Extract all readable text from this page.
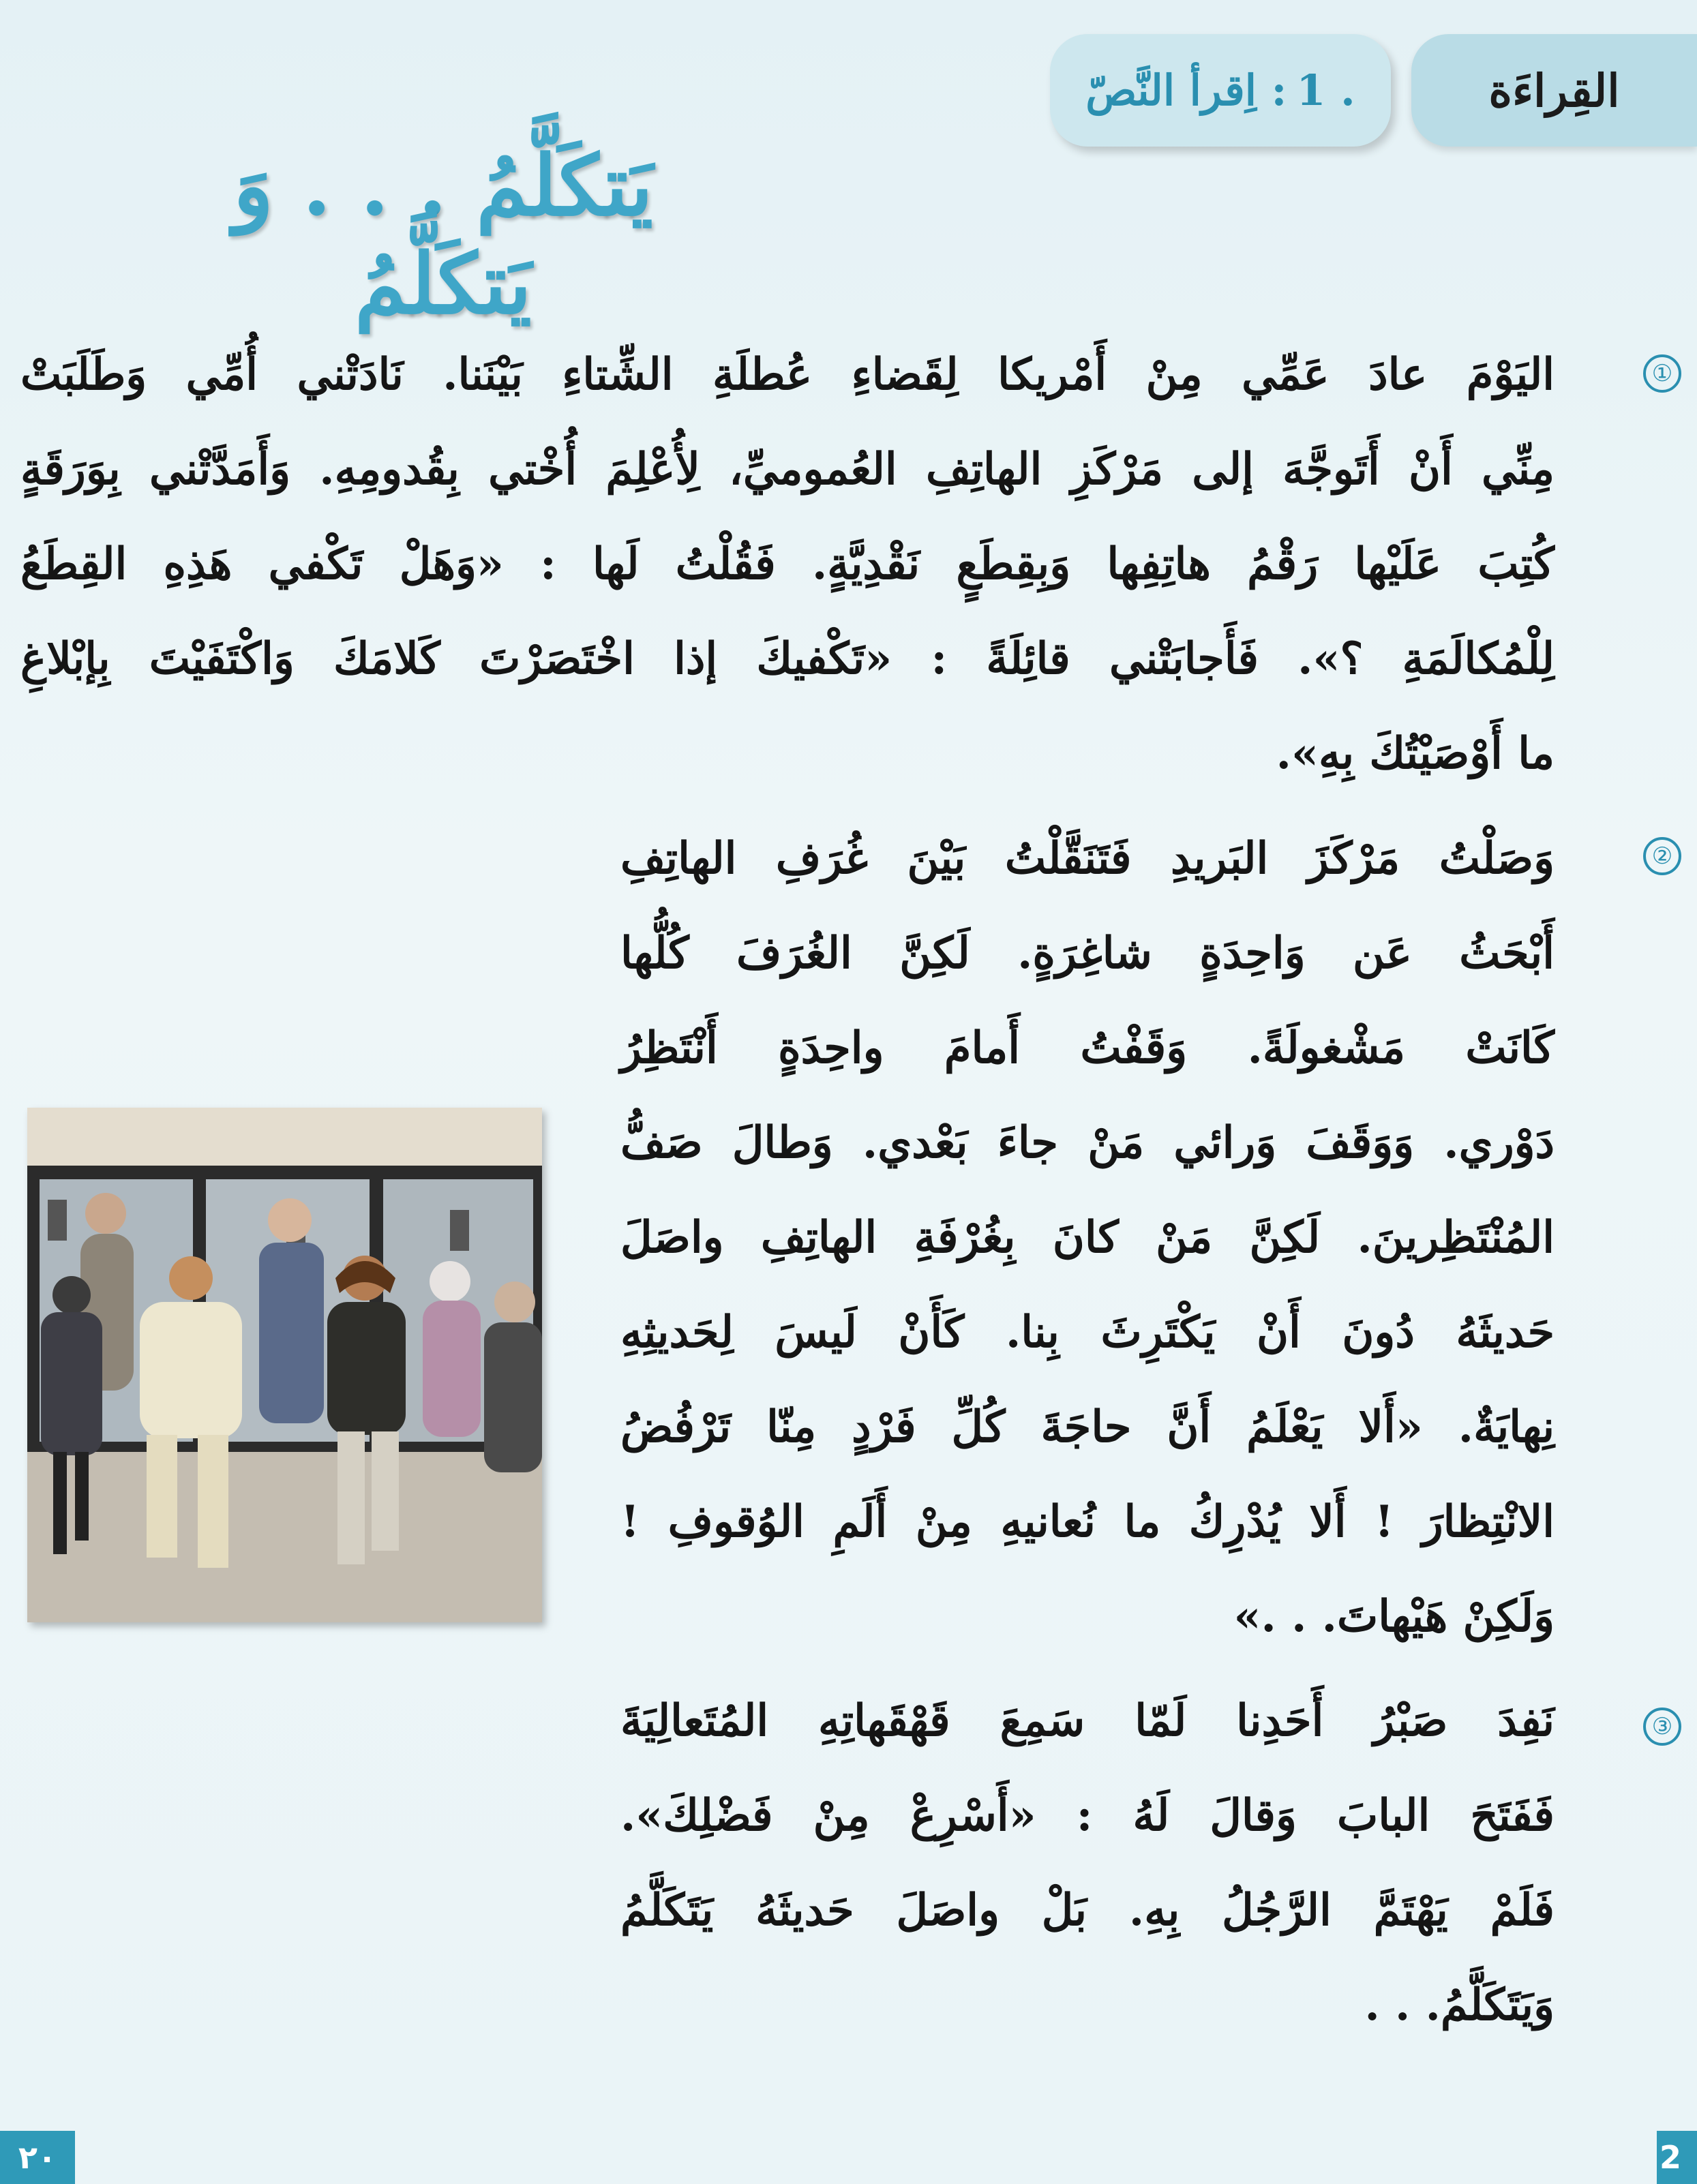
القِراءَة
اِقرأ النَّصّ : 1 .
يَتكَلَّمُ . . . وَ يَتكَلَّمُ
①
②
③
اليَوْمَ عادَ عَمِّي مِنْ أَمْريكا لِقَضاءِ عُطلَةِ الشِّتاءِ بَيْنَنا. نَادَتْني أُمِّي وَطَلَبَتْ
مِنِّي أَنْ أَتَوجَّهَ إلى مَرْكَزِ الهاتِفِ العُموميِّ، لِأُعْلِمَ أُخْتي بِقُدومِهِ. وَأَمَدَّتْني بِوَرَقَةٍ
كُتِبَ عَلَيْها رَقْمُ هاتِفِها وَبِقِطَعٍ نَقْدِيَّةٍ. فَقُلْتُ لَها : «وَهَلْ تَكْفي هَذِهِ القِطَعُ
لِلْمُكالَمَةِ ؟». فَأَجابَتْني قائِلَةً : «تَكْفيكَ إذا اخْتَصَرْتَ كَلامَكَ وَاكْتَفَيْتَ بِإبْلاغِ
ما أَوْصَيْتُكَ بِهِ».
وَصَلْتُ مَرْكَزَ البَريدِ فَتَنَقَّلْتُ بَيْنَ غُرَفِ الهاتِفِ
أَبْحَثُ عَن وَاحِدَةٍ شاغِرَةٍ. لَكِنَّ الغُرَفَ كُلُّها
كَانَتْ مَشْغولَةً. وَقَفْتُ أَمامَ واحِدَةٍ أَنْتَظِرُ
دَوْري. وَوَقَفَ وَرائي مَنْ جاءَ بَعْدي. وَطالَ صَفُّ
المُنْتَظِرينَ. لَكِنَّ مَنْ كانَ بِغُرْفَةِ الهاتِفِ واصَلَ
حَديثَهُ دُونَ أَنْ يَكْتَرِثَ بِنا. كَأَنْ لَيسَ لِحَديثِهِ
نِهايَةٌ. «أَلا يَعْلَمُ أَنَّ حاجَةَ كُلِّ فَرْدٍ مِنّا تَرْفُضُ
الانْتِظارَ ! أَلا يُدْرِكُ ما نُعانيهِ مِنْ أَلَمِ الوُقوفِ !
وَلَكِنْ هَيْهاتَ. . .»
نَفِدَ صَبْرُ أَحَدِنا لَمّا سَمِعَ قَهْقَهاتِهِ المُتَعالِيَةَ
فَفَتَحَ البابَ وَقالَ لَهُ : «أَسْرِعْ مِنْ فَضْلِكَ».
فَلَمْ يَهْتَمَّ الرَّجُلُ بِهِ. بَلْ واصَلَ حَديثَهُ يَتَكَلَّمُ
وَيَتَكَلَّمُ. . .
٢٠	2
